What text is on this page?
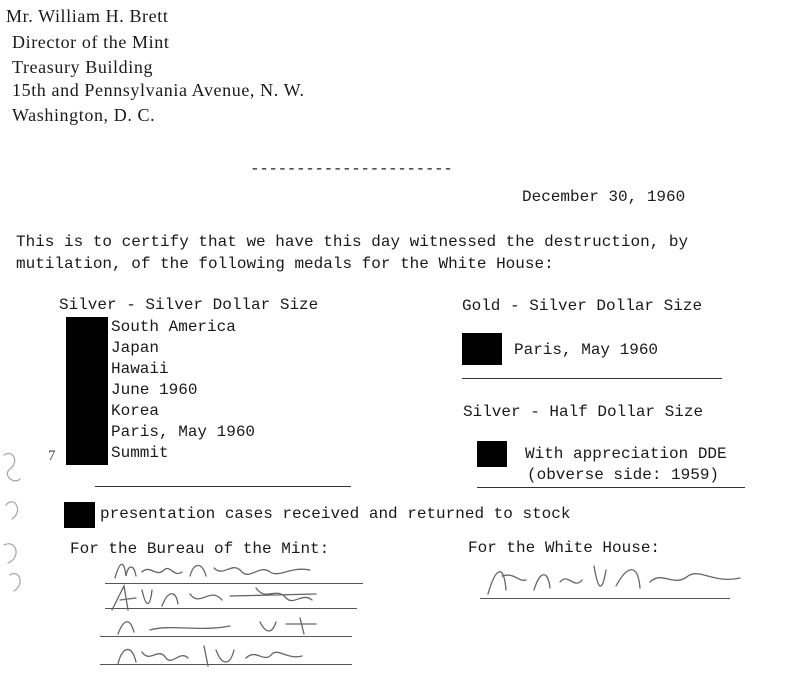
Mr. William H. Brett
Director of the Mint
Treasury Building
15th and Pennsylvania Avenue, N. W.
Washington, D. C.
----------------------
December 30, 1960
This is to certify that we have this day witnessed the destruction, by
mutilation, of the following medals for the White House:
Silver - Silver Dollar Size
South America
Japan
Hawaii
June 1960
Korea
Paris, May 1960
Summit
7
Gold - Silver Dollar Size
Paris, May 1960
Silver - Half Dollar Size
With appreciation DDE
(obverse side: 1959)
presentation cases received and returned to stock
For the Bureau of the Mint:	For the White House:
